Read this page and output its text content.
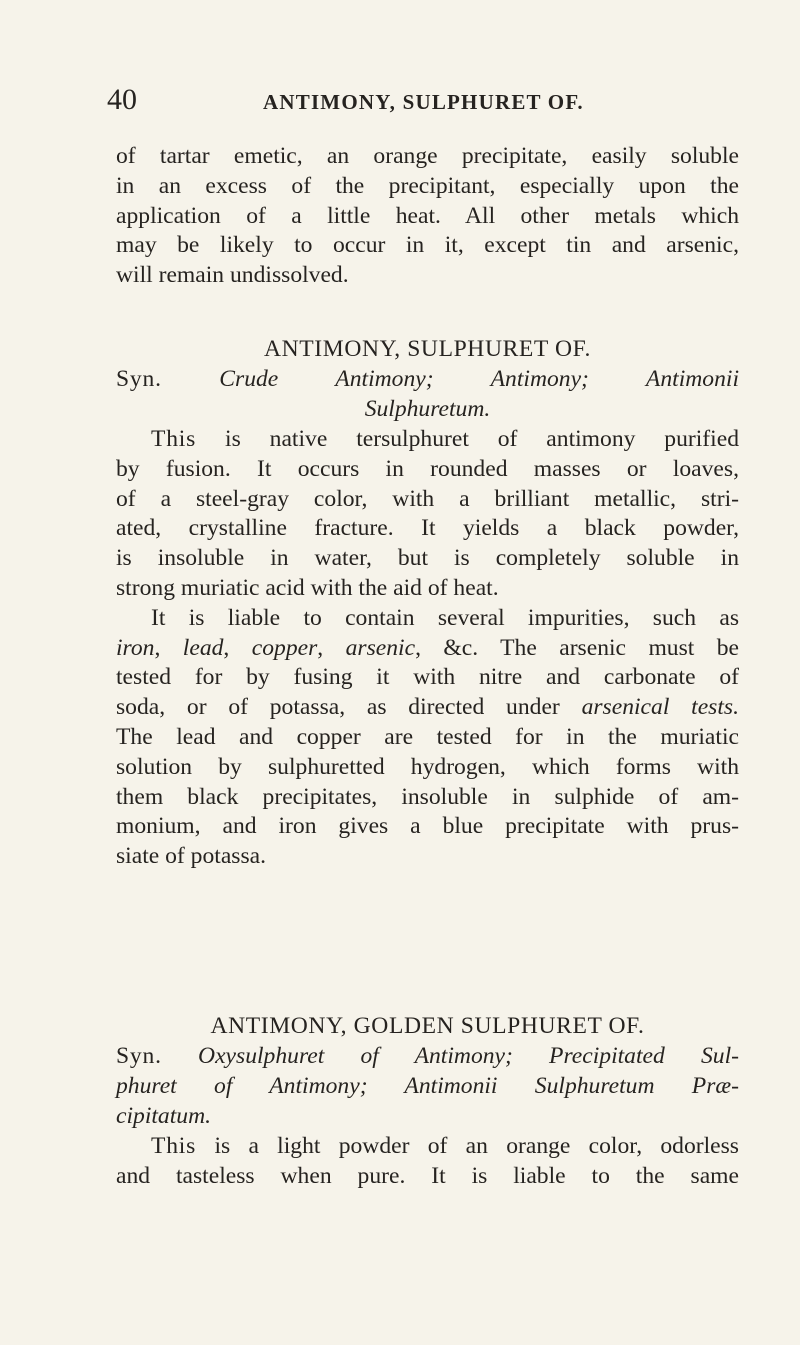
40	ANTIMONY, SULPHURET OF.
of tartar emetic, an orange precipitate, easily soluble
in an excess of the precipitant, especially upon the
application of a little heat. All other metals which
may be likely to occur in it, except tin and arsenic,
will remain undissolved.
ANTIMONY, SULPHURET OF.
Syn. Crude Antimony; Antimony; Antimonii
Sulphuretum.
This is native tersulphuret of antimony purified
by fusion. It occurs in rounded masses or loaves,
of a steel-gray color, with a brilliant metallic, stri-
ated, crystalline fracture. It yields a black powder,
is insoluble in water, but is completely soluble in
strong muriatic acid with the aid of heat.
It is liable to contain several impurities, such as
iron, lead, copper, arsenic, &c. The arsenic must be
tested for by fusing it with nitre and carbonate of
soda, or of potassa, as directed under arsenical tests.
The lead and copper are tested for in the muriatic
solution by sulphuretted hydrogen, which forms with
them black precipitates, insoluble in sulphide of am-
monium, and iron gives a blue precipitate with prus-
siate of potassa.
ANTIMONY, GOLDEN SULPHURET OF.
Syn. Oxysulphuret of Antimony; Precipitated Sul-
phuret of Antimony; Antimonii Sulphuretum Præ-
cipitatum.
This is a light powder of an orange color, odorless
and tasteless when pure. It is liable to the same
